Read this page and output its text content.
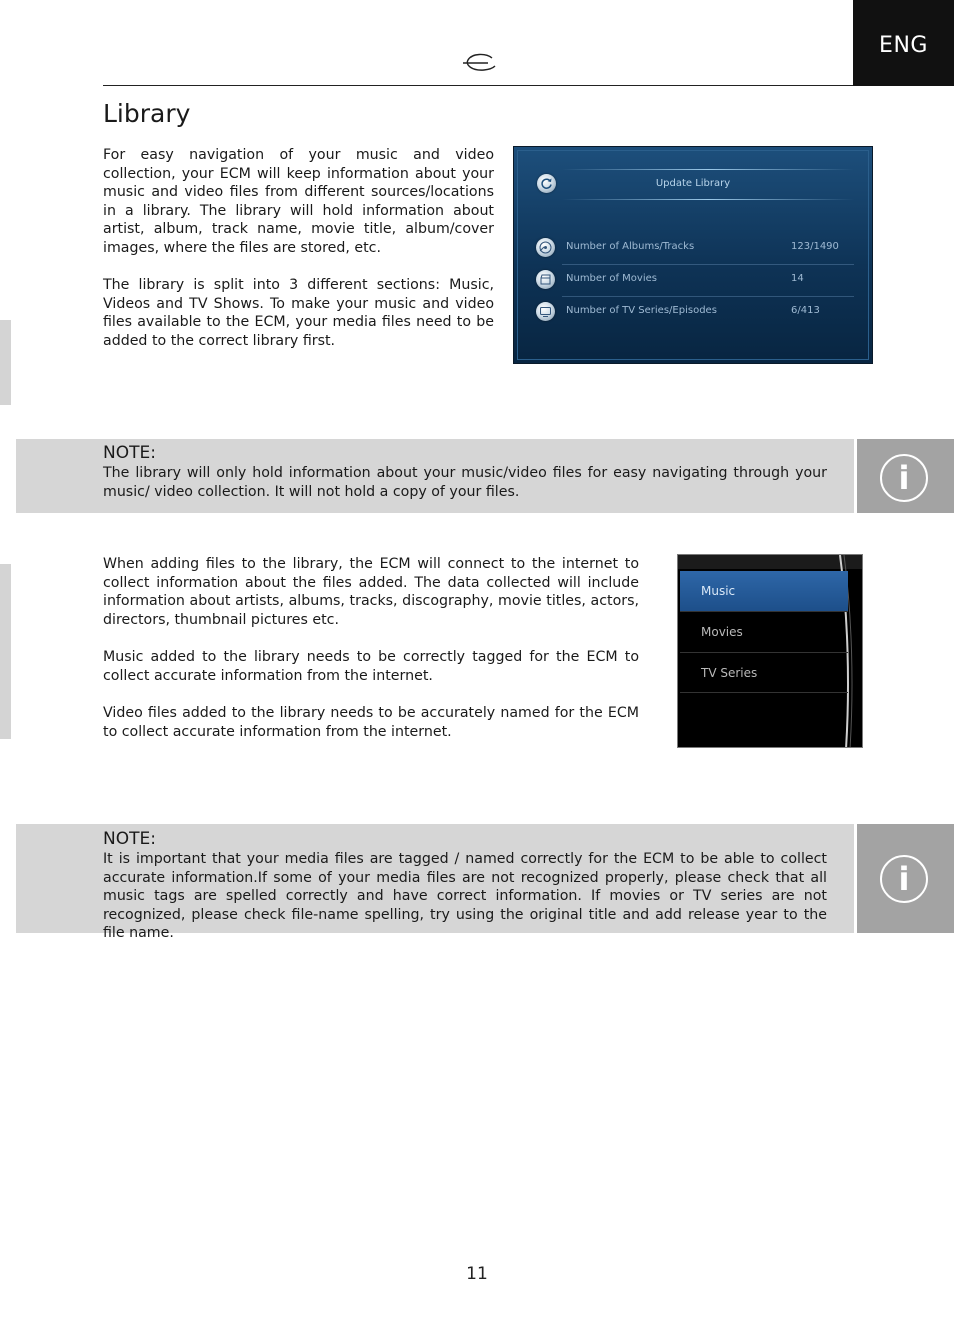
ENG
Library

For easy navigation of your music and video collection, your ECM will keep information about your music and video files from different sources/locations in a library. The library will hold information about artist, album, track name, movie title, album/cover images, where the files are stored, etc.

The library is split into 3 different sections: Music, Videos and TV Shows. To make your music and video files available to the ECM, your media files need to be added to the correct library first.

Update Library
Number of Albums/Tracks	123/1490
Number of Movies	14
Number of TV Series/Episodes	6/413
NOTE:
The library will only hold information about your music/video files for easy navigating through your music/ video collection. It will not hold a copy of your files.	i

When adding files to the library, the ECM will connect to the internet to collect information about the files added. The data collected will include information about artists, albums, tracks, discography, movie titles, actors, directors, thumbnail pictures etc.

Music added to the library needs to be correctly tagged for the ECM to collect accurate information from the internet.

Video files added to the library needs to be accurately named for the ECM to collect accurate information from the internet.

Music
Movies
TV Series
NOTE:
It is important that your media files are tagged / named correctly for the ECM to be able to collect accurate information.If some of your media files are not recognized properly, please check that all music tags are spelled correctly and have correct information. If movies or TV series are not recognized, please check file-name spelling, try using the original title and add release year to the file name.
i
11
